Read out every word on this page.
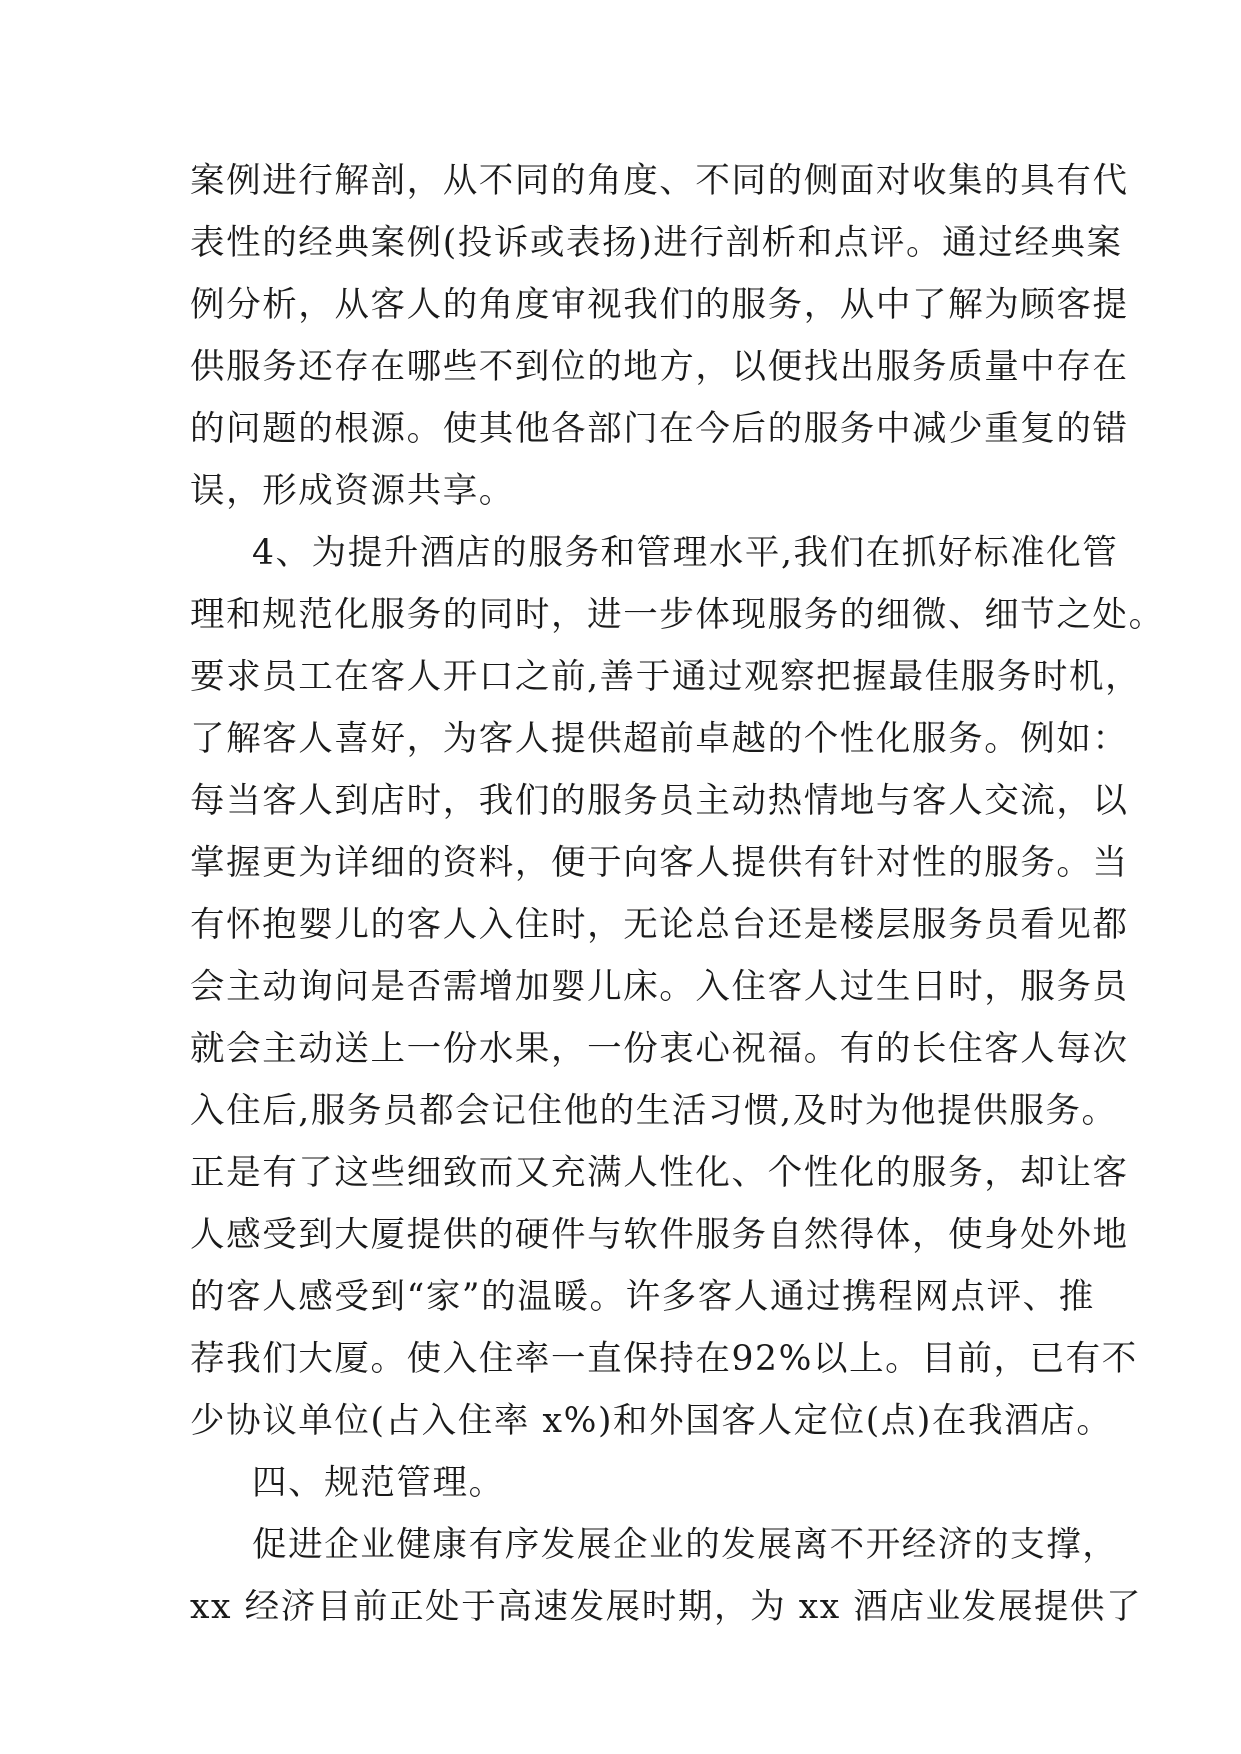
案例进行解剖，从不同的角度、不同的侧面对收集的具有代
表性的经典案例(投诉或表扬)进行剖析和点评。通过经典案
例分析，从客人的角度审视我们的服务，从中了解为顾客提
供服务还存在哪些不到位的地方，以便找出服务质量中存在
的问题的根源。使其他各部门在今后的服务中减少重复的错
误，形成资源共享。
4、为提升酒店的服务和管理水平,我们在抓好标准化管
理和规范化服务的同时，进一步体现服务的细微、细节之处。
要求员工在客人开口之前,善于通过观察把握最佳服务时机，
了解客人喜好，为客人提供超前卓越的个性化服务。例如：
每当客人到店时，我们的服务员主动热情地与客人交流，以
掌握更为详细的资料，便于向客人提供有针对性的服务。当
有怀抱婴儿的客人入住时，无论总台还是楼层服务员看见都
会主动询问是否需增加婴儿床。入住客人过生日时，服务员
就会主动送上一份水果，一份衷心祝福。有的长住客人每次
入住后,服务员都会记住他的生活习惯,及时为他提供服务。
正是有了这些细致而又充满人性化、个性化的服务，却让客
人感受到大厦提供的硬件与软件服务自然得体，使身处外地
的客人感受到“家”的温暖。许多客人通过携程网点评、推
荐我们大厦。使入住率一直保持在92%以上。目前，已有不
少协议单位(占入住率 x%)和外国客人定位(点)在我酒店。
四、规范管理。
促进企业健康有序发展企业的发展离不开经济的支撑，
xx 经济目前正处于高速发展时期，为 xx 酒店业发展提供了
